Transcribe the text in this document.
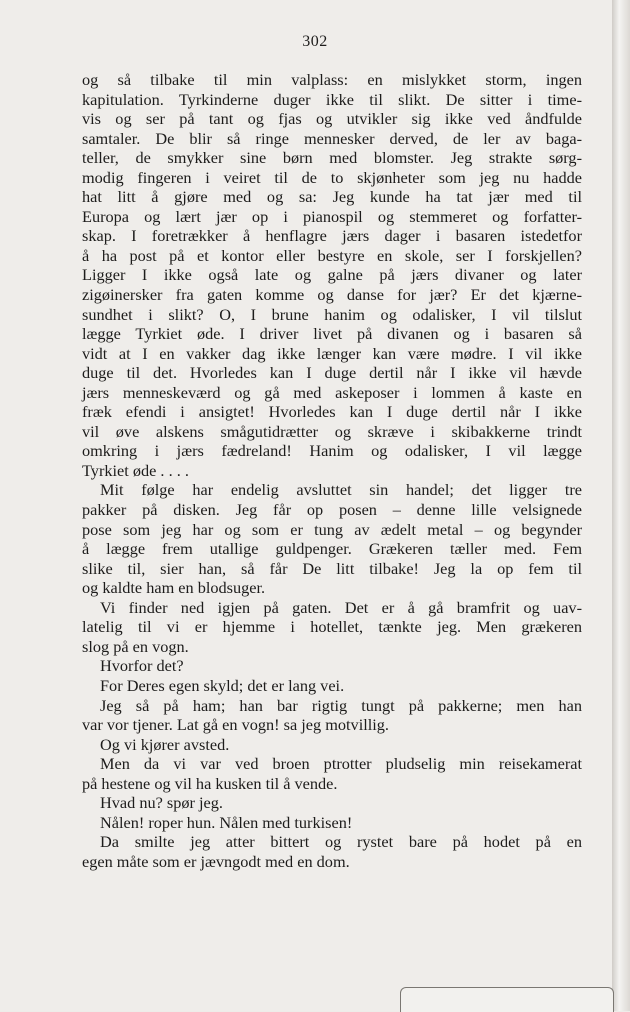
302
og så tilbake til min valplass: en mislykket storm, ingen
kapitulation. Tyrkinderne duger ikke til slikt. De sitter i time-
vis og ser på tant og fjas og utvikler sig ikke ved åndfulde
samtaler. De blir så ringe mennesker derved, de ler av baga-
teller, de smykker sine børn med blomster. Jeg strakte sørg-
modig fingeren i veiret til de to skjønheter som jeg nu hadde
hat litt å gjøre med og sa: Jeg kunde ha tat jær med til
Europa og lært jær op i pianospil og stemmeret og forfatter-
skap. I foretrækker å henflagre jærs dager i basaren istedetfor
å ha post på et kontor eller bestyre en skole, ser I forskjellen?
Ligger I ikke også late og galne på jærs divaner og later
zigøinersker fra gaten komme og danse for jær? Er det kjærne-
sundhet i slikt? O, I brune hanim og odalisker, I vil tilslut
lægge Tyrkiet øde. I driver livet på divanen og i basaren så
vidt at I en vakker dag ikke længer kan være mødre. I vil ikke
duge til det. Hvorledes kan I duge dertil når I ikke vil hævde
jærs menneskeværd og gå med askeposer i lommen å kaste en
fræk efendi i ansigtet! Hvorledes kan I duge dertil når I ikke
vil øve alskens smågutidrætter og skræve i skibakkerne trindt
omkring i jærs fædreland! Hanim og odalisker, I vil lægge
Tyrkiet øde . . . .
Mit følge har endelig avsluttet sin handel; det ligger tre
pakker på disken. Jeg får op posen – denne lille velsignede
pose som jeg har og som er tung av ædelt metal – og begynder
å lægge frem utallige guldpenger. Grækeren tæller med. Fem
slike til, sier han, så får De litt tilbake! Jeg la op fem til
og kaldte ham en blodsuger.
Vi finder ned igjen på gaten. Det er å gå bramfrit og uav-
latelig til vi er hjemme i hotellet, tænkte jeg. Men grækeren
slog på en vogn.
Hvorfor det?
For Deres egen skyld; det er lang vei.
Jeg så på ham; han bar rigtig tungt på pakkerne; men han
var vor tjener. Lat gå en vogn! sa jeg motvillig.
Og vi kjører avsted.
Men da vi var ved broen ptrotter pludselig min reisekamerat
på hestene og vil ha kusken til å vende.
Hvad nu? spør jeg.
Nålen! roper hun. Nålen med turkisen!
Da smilte jeg atter bittert og rystet bare på hodet på en
egen måte som er jævngodt med en dom.
